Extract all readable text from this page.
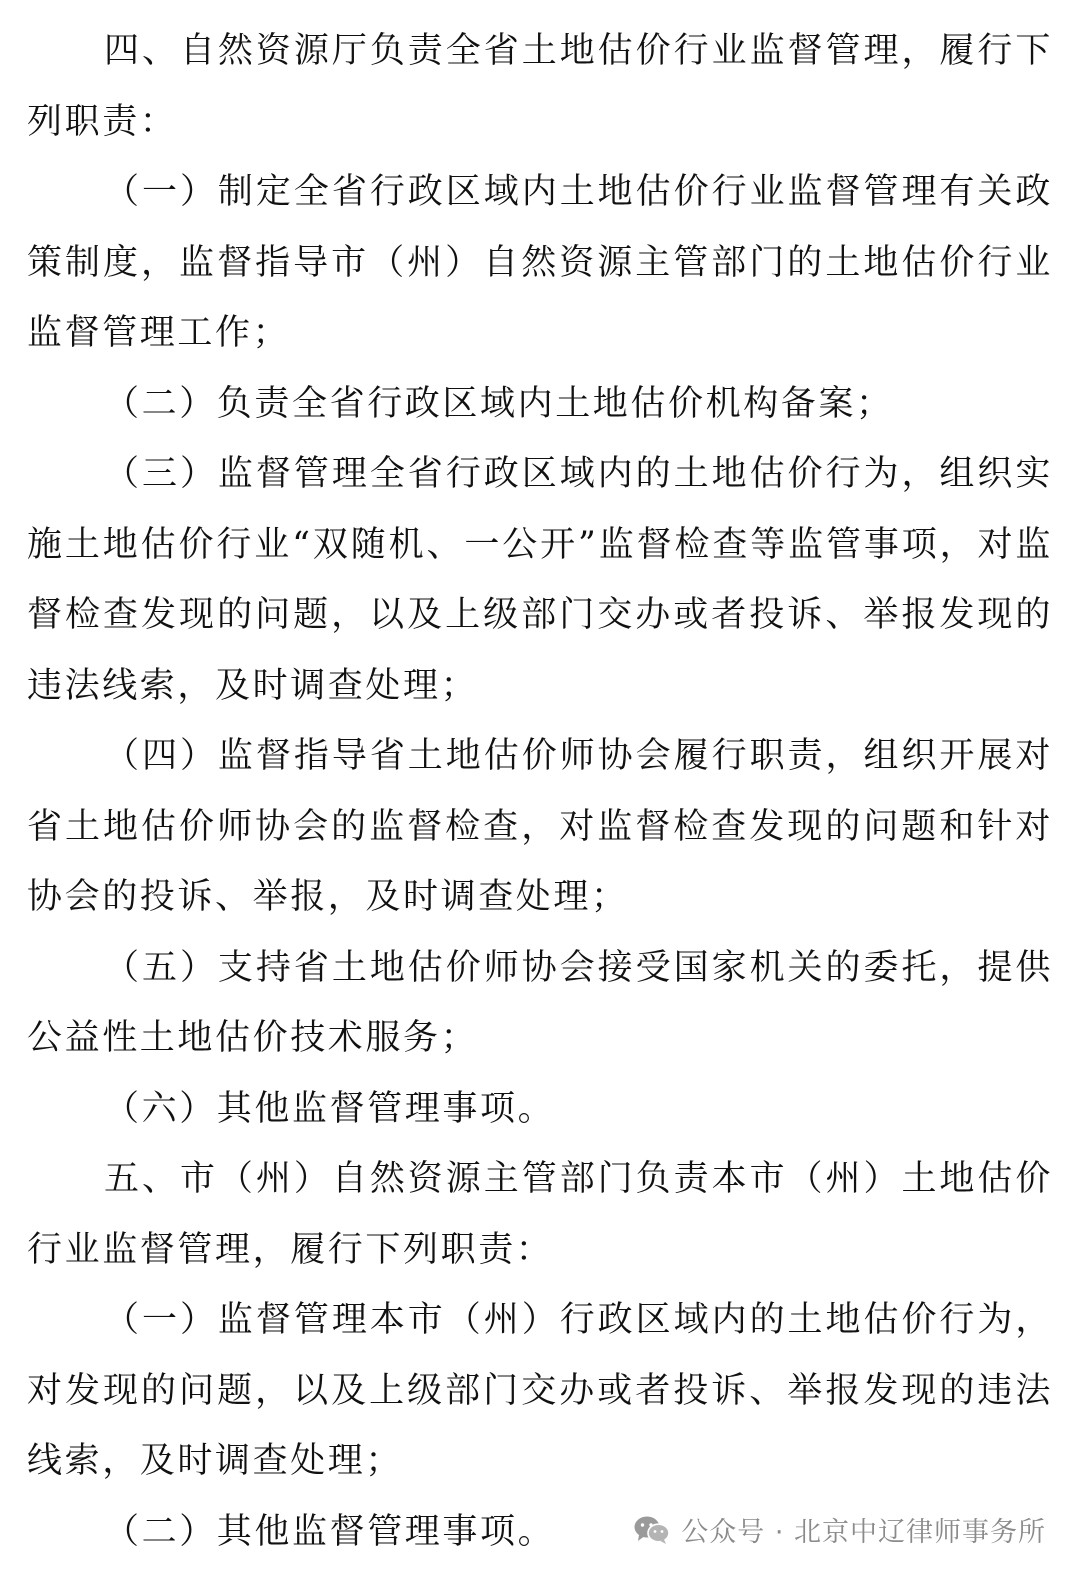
四、自然资源厅负责全省土地估价行业监督管理，履行下列职责：

（一）制定全省行政区域内土地估价行业监督管理有关政策制度，监督指导市（州）自然资源主管部门的土地估价行业监督管理工作；

（二）负责全省行政区域内土地估价机构备案；

（三）监督管理全省行政区域内的土地估价行为，组织实施土地估价行业“双随机、一公开”监督检查等监管事项，对监督检查发现的问题，以及上级部门交办或者投诉、举报发现的违法线索，及时调查处理；

（四）监督指导省土地估价师协会履行职责，组织开展对省土地估价师协会的监督检查，对监督检查发现的问题和针对协会的投诉、举报，及时调查处理；

（五）支持省土地估价师协会接受国家机关的委托，提供公益性土地估价技术服务；

（六）其他监督管理事项。

五、市（州）自然资源主管部门负责本市（州）土地估价行业监督管理，履行下列职责：

（一）监督管理本市（州）行政区域内的土地估价行为，对发现的问题，以及上级部门交办或者投诉、举报发现的违法线索，及时调查处理；

（二）其他监督管理事项。	公众号 · 北京中辽律师事务所
